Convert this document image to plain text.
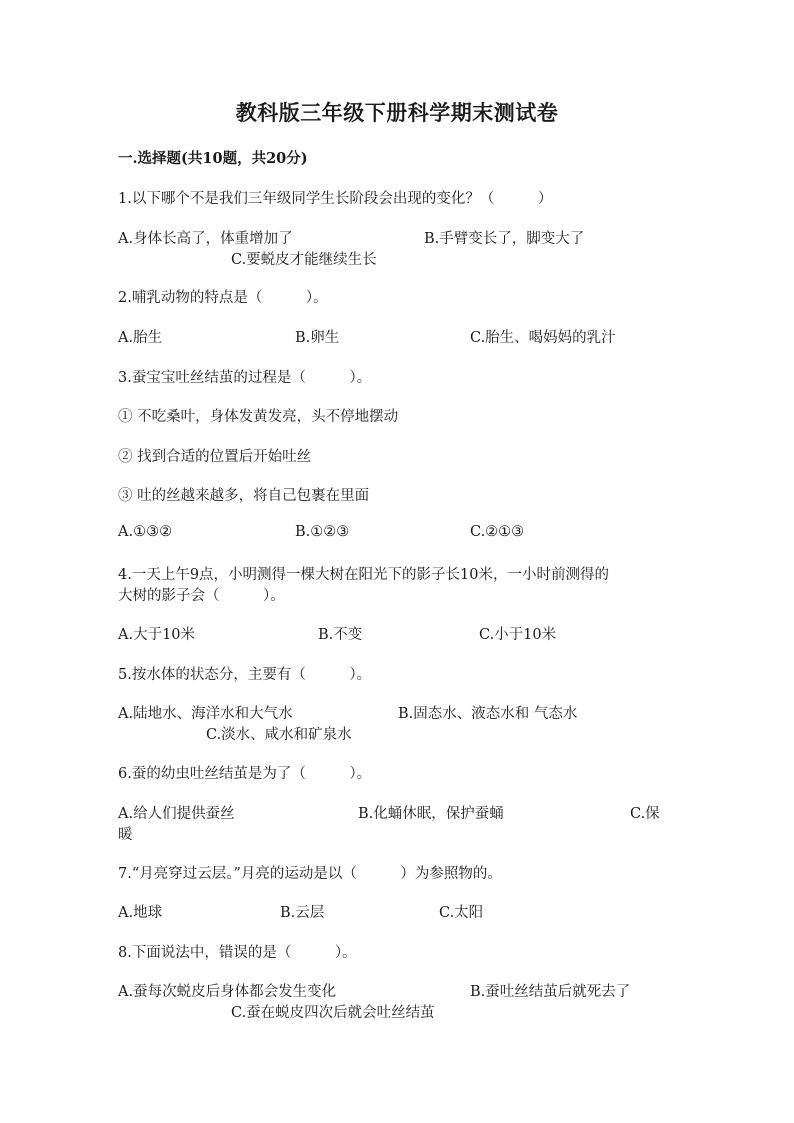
教科版三年级下册科学期末测试卷
一.选择题(共10题，共20分)
1.以下哪个不是我们三年级同学生长阶段会出现的变化？（　　　）
A.身体长高了，体重增加了	B.手臂变长了，脚变大了
C.要蜕皮才能继续生长
2.哺乳动物的特点是（　　　）。
A.胎生	B.卵生	C.胎生、喝妈妈的乳汁
3.蚕宝宝吐丝结茧的过程是（　　　）。
① 不吃桑叶，身体发黄发亮，头不停地摆动
② 找到合适的位置后开始吐丝
③ 吐的丝越来越多，将自己包裹在里面
A.①③②	B.①②③	C.②①③
4.一天上午9点，小明测得一棵大树在阳光下的影子长10米，一小时前测得的
大树的影子会（　　　）。
A.大于10米	B.不变	C.小于10米
5.按水体的状态分，主要有（　　　）。
A.陆地水、海洋水和大气水	B.固态水、液态水和 气态水
C.淡水、咸水和矿泉水
6.蚕的幼虫吐丝结茧是为了（　　　）。
A.给人们提供蚕丝	B.化蛹休眠，保护蚕蛹	C.保
暖
7.“月亮穿过云层。”月亮的运动是以（　　　）为参照物的。
A.地球	B.云层	C.太阳
8.下面说法中，错误的是（　　　）。
A.蚕每次蜕皮后身体都会发生变化	B.蚕吐丝结茧后就死去了
C.蚕在蜕皮四次后就会吐丝结茧
